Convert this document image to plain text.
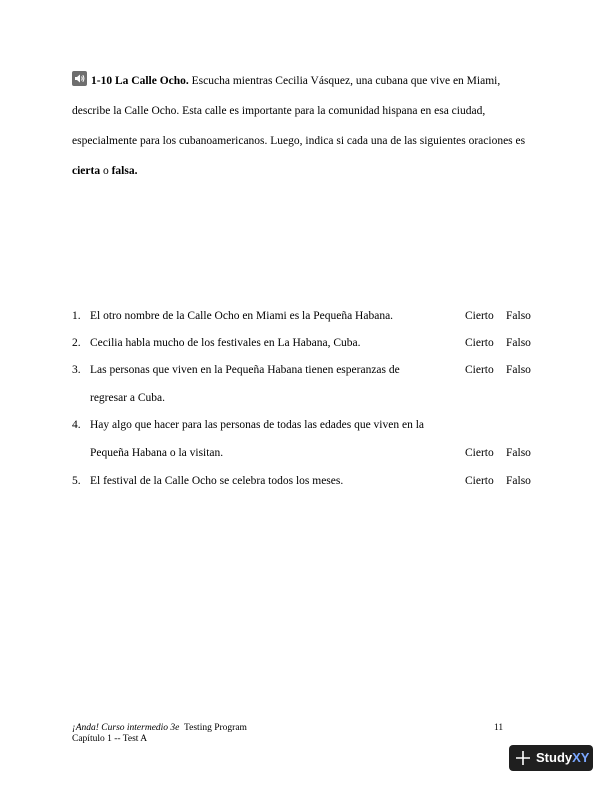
1-10 La Calle Ocho. Escucha mientras Cecilia Vásquez, una cubana que vive en Miami, describe la Calle Ocho. Esta calle es importante para la comunidad hispana en esa ciudad, especialmente para los cubanoamericanos. Luego, indica si cada una de las siguientes oraciones es cierta o falsa.
1. El otro nombre de la Calle Ocho en Miami es la Pequeña Habana.	Cierto Falso
2. Cecilia habla mucho de los festivales en La Habana, Cuba.	Cierto Falso
3. Las personas que viven en la Pequeña Habana tienen esperanzas de	Cierto Falso
regresar a Cuba.
4. Hay algo que hacer para las personas de todas las edades que viven en la
Pequeña Habana o la visitan.	Cierto Falso
5. El festival de la Calle Ocho se celebra todos los meses.	Cierto Falso
¡Anda! Curso intermedio 3e Testing Program
Capítulo 1 -- Test A
11
StudyXY
